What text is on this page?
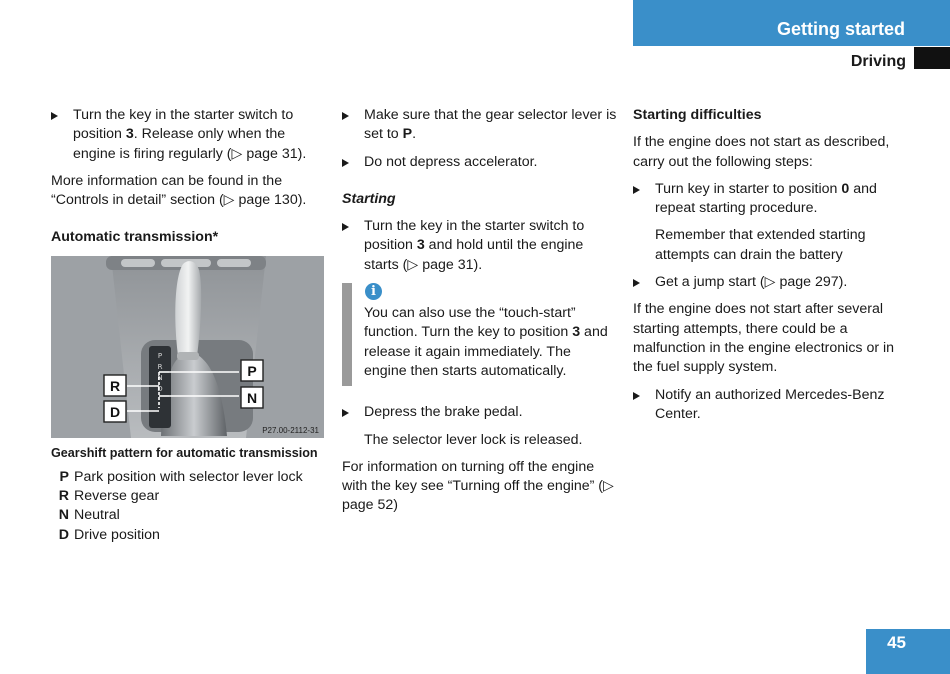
Getting started
Driving
Turn the key in the starter switch to position 3. Release only when the engine is firing regularly (▷ page 31).

More information can be found in the “Controls in detail” section (▷ page 130).

Automatic transmission*

P
R
N
D
R
D
P
N
P27.00-2112-31

Gearshift pattern for automatic transmission

P Park position with selector lever lock
R Reverse gear
N Neutral
D Drive position
Make sure that the gear selector lever is set to P.
Do not depress accelerator.

Starting

Turn the key in the starter switch to position 3 and hold until the engine starts (▷ page 31).
i

You can also use the “touch-start” function. Turn the key to position 3 and release it again immediately. The engine then starts automatically.

Depress the brake pedal.

The selector lever lock is released.

For information on turning off the engine with the key see “Turning off the engine” (▷ page 52)

Starting difficulties

If the engine does not start as described, carry out the following steps:

Turn key in starter to position 0 and repeat starting procedure.

Remember that extended starting attempts can drain the battery

Get a jump start (▷ page 297).

If the engine does not start after several starting attempts, there could be a malfunction in the engine electronics or in the fuel supply system.

Notify an authorized Mercedes-Benz Center.
45
